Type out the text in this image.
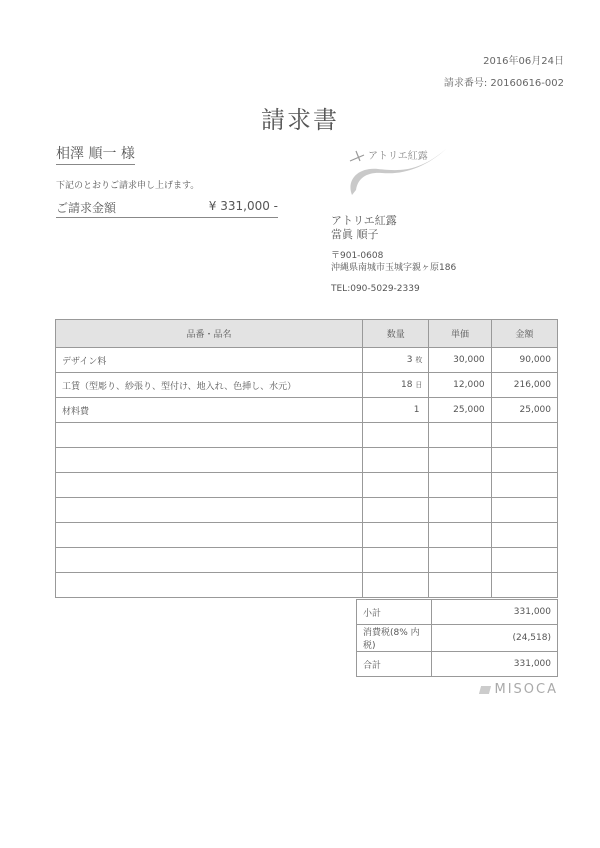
2016年06月24日
請求番号: 20160616-002
請求書
相澤 順一 様
下記のとおりご請求申し上げます。
ご請求金額	¥ 331,000 -
アトリエ紅露
アトリエ紅露
當眞 順子
〒901-0608
沖縄県南城市玉城字親ヶ原186
TEL:090-5029-2339
品番・品名	数量	単価	金額
デザイン料	3 枚	30,000	90,000
工賃（型彫り、紗張り、型付け、地入れ、色挿し、水元）	18 日	12,000	216,000
材料費	1	25,000	25,000

小計	331,000
消費税(8% 内税)	(24,518)
合計	331,000
MISOCA
